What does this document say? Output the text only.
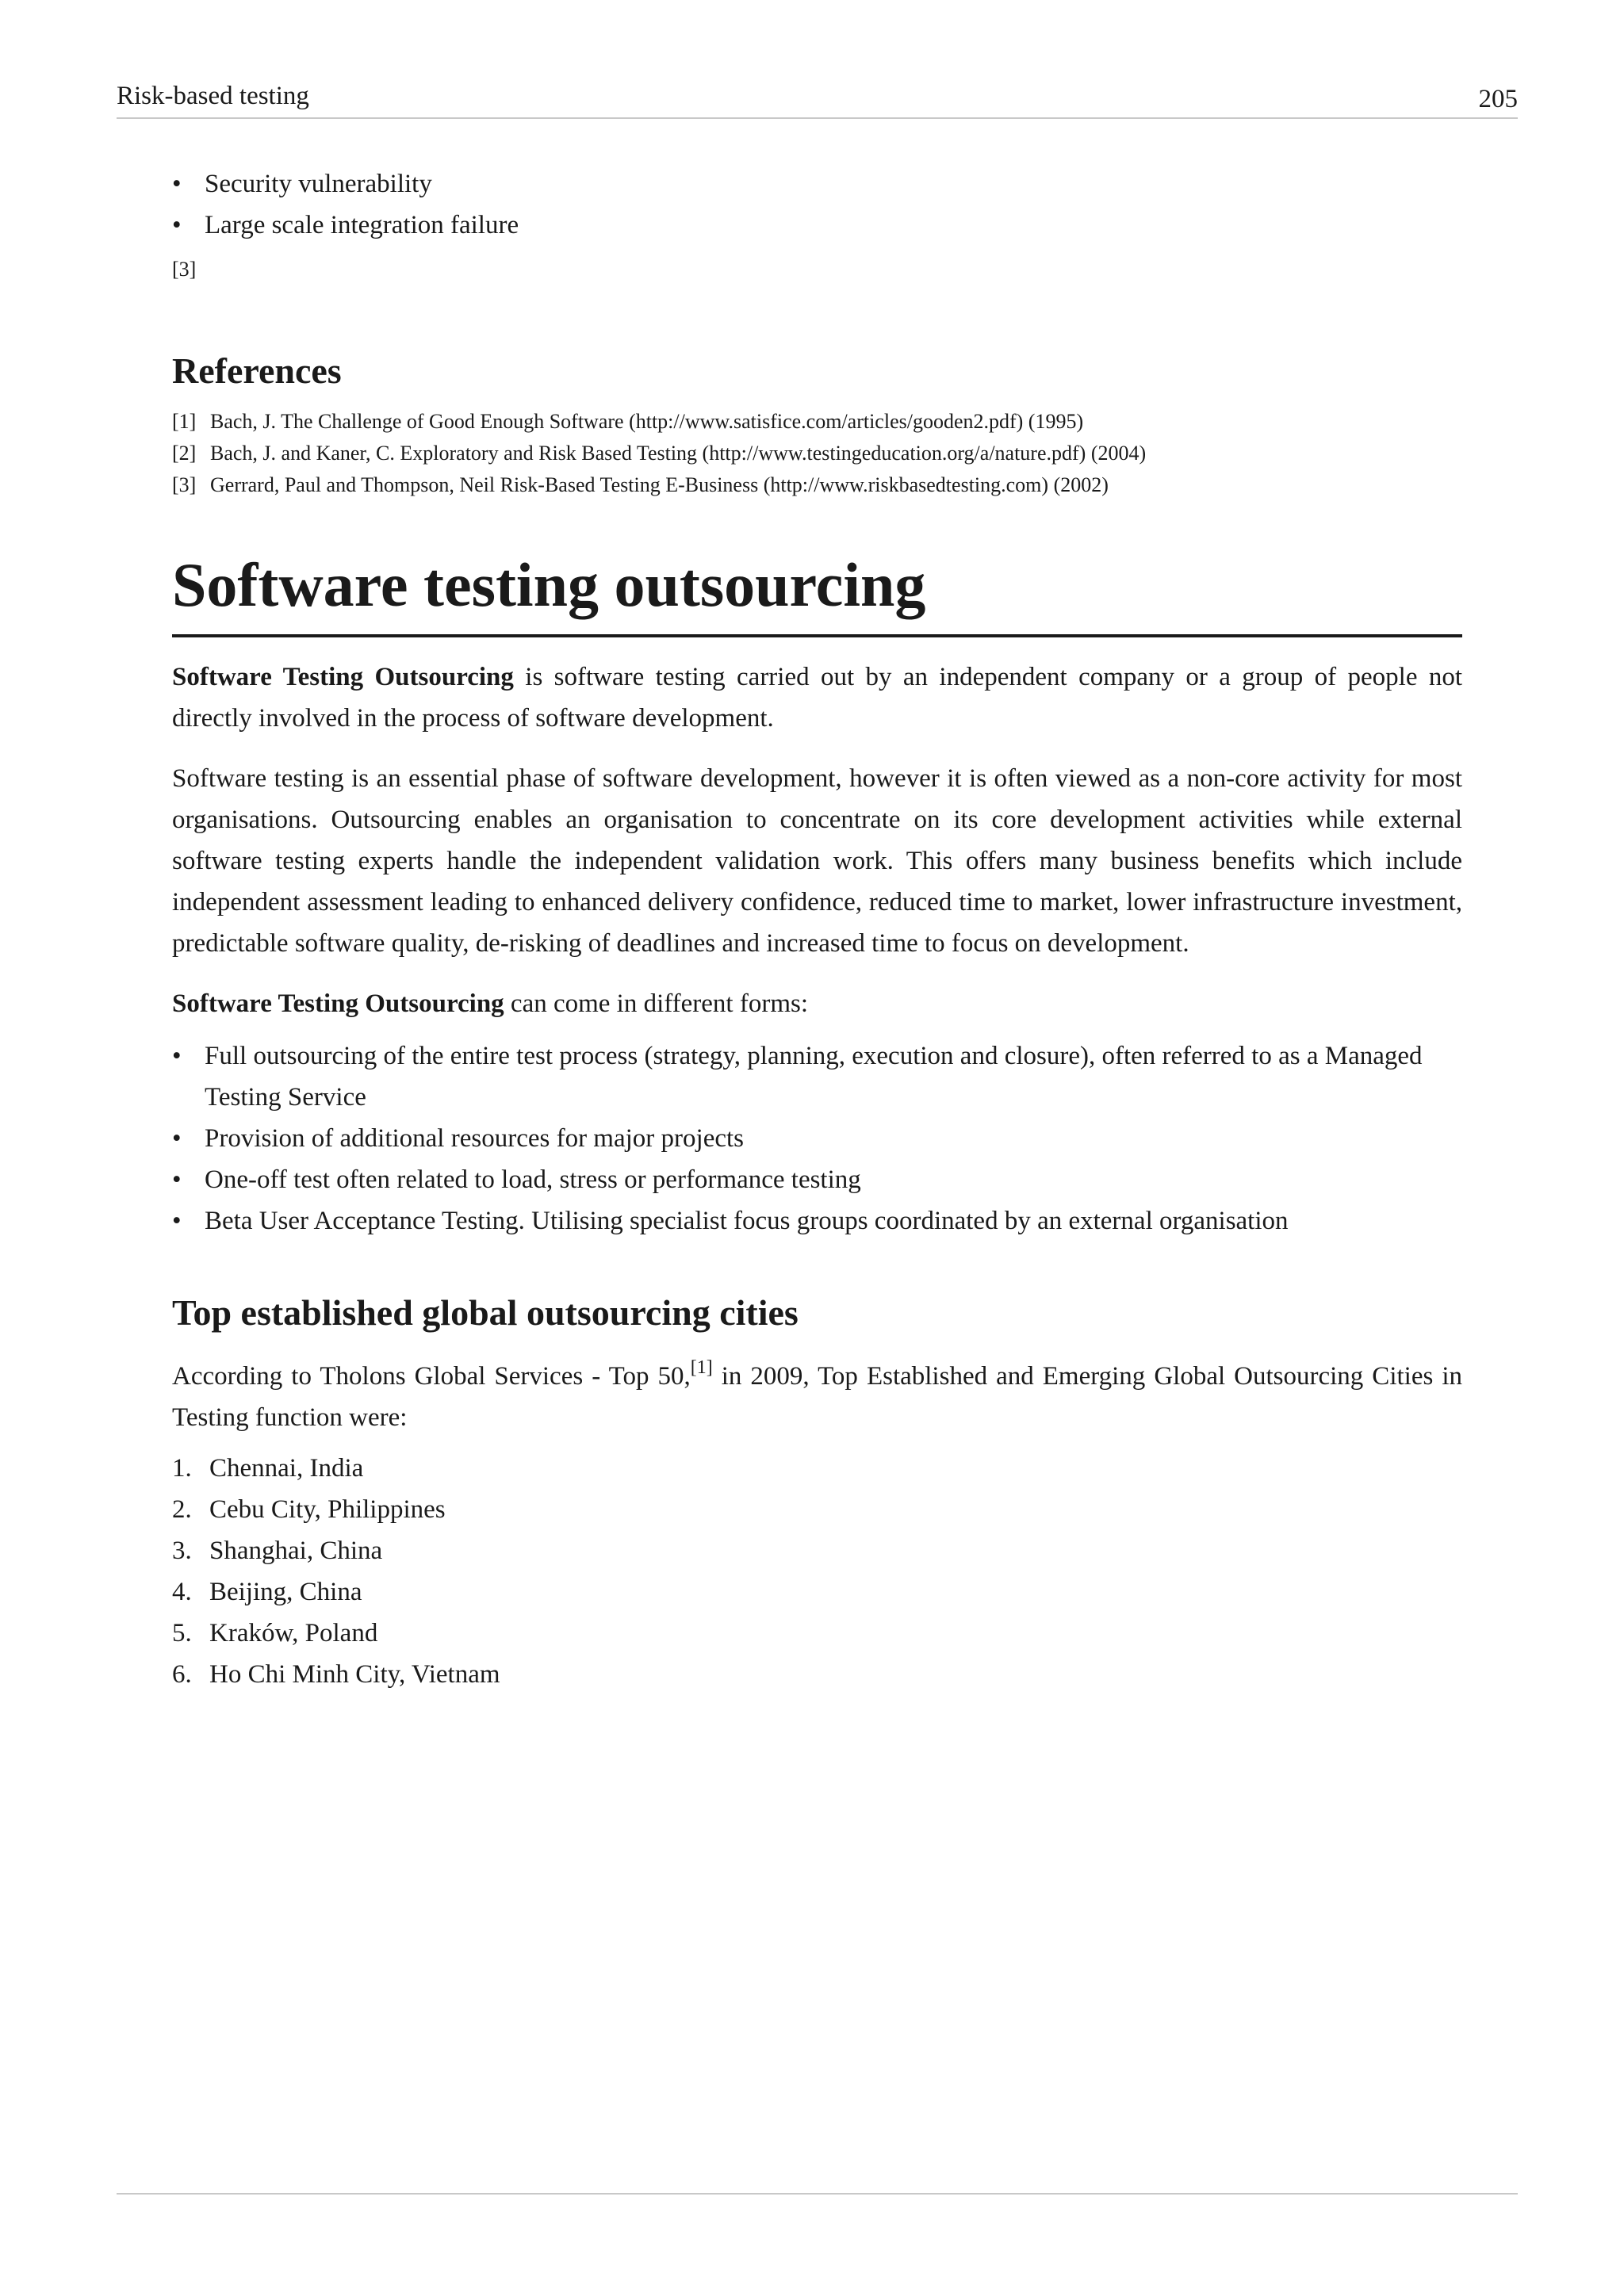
Risk-based testing	205
• Security vulnerability
• Large scale integration failure
[3]
References
[1] Bach, J. The Challenge of Good Enough Software (http://www.satisfice.com/articles/gooden2.pdf) (1995)
[2] Bach, J. and Kaner, C. Exploratory and Risk Based Testing (http://www.testingeducation.org/a/nature.pdf) (2004)
[3] Gerrard, Paul and Thompson, Neil Risk-Based Testing E-Business (http://www.riskbasedtesting.com) (2002)
Software testing outsourcing

Software Testing Outsourcing is software testing carried out by an independent company or a group of people not directly involved in the process of software development.

Software testing is an essential phase of software development, however it is often viewed as a non-core activity for most organisations. Outsourcing enables an organisation to concentrate on its core development activities while external software testing experts handle the independent validation work. This offers many business benefits which include independent assessment leading to enhanced delivery confidence, reduced time to market, lower infrastructure investment, predictable software quality, de-risking of deadlines and increased time to focus on development.

Software Testing Outsourcing can come in different forms:

• Full outsourcing of the entire test process (strategy, planning, execution and closure), often referred to as a Managed Testing Service
• Provision of additional resources for major projects
• One-off test often related to load, stress or performance testing
• Beta User Acceptance Testing. Utilising specialist focus groups coordinated by an external organisation
Top established global outsourcing cities

According to Tholons Global Services - Top 50,[1] in 2009, Top Established and Emerging Global Outsourcing Cities in Testing function were:

1. Chennai, India
2. Cebu City, Philippines
3. Shanghai, China
4. Beijing, China
5. Kraków, Poland
6. Ho Chi Minh City, Vietnam
